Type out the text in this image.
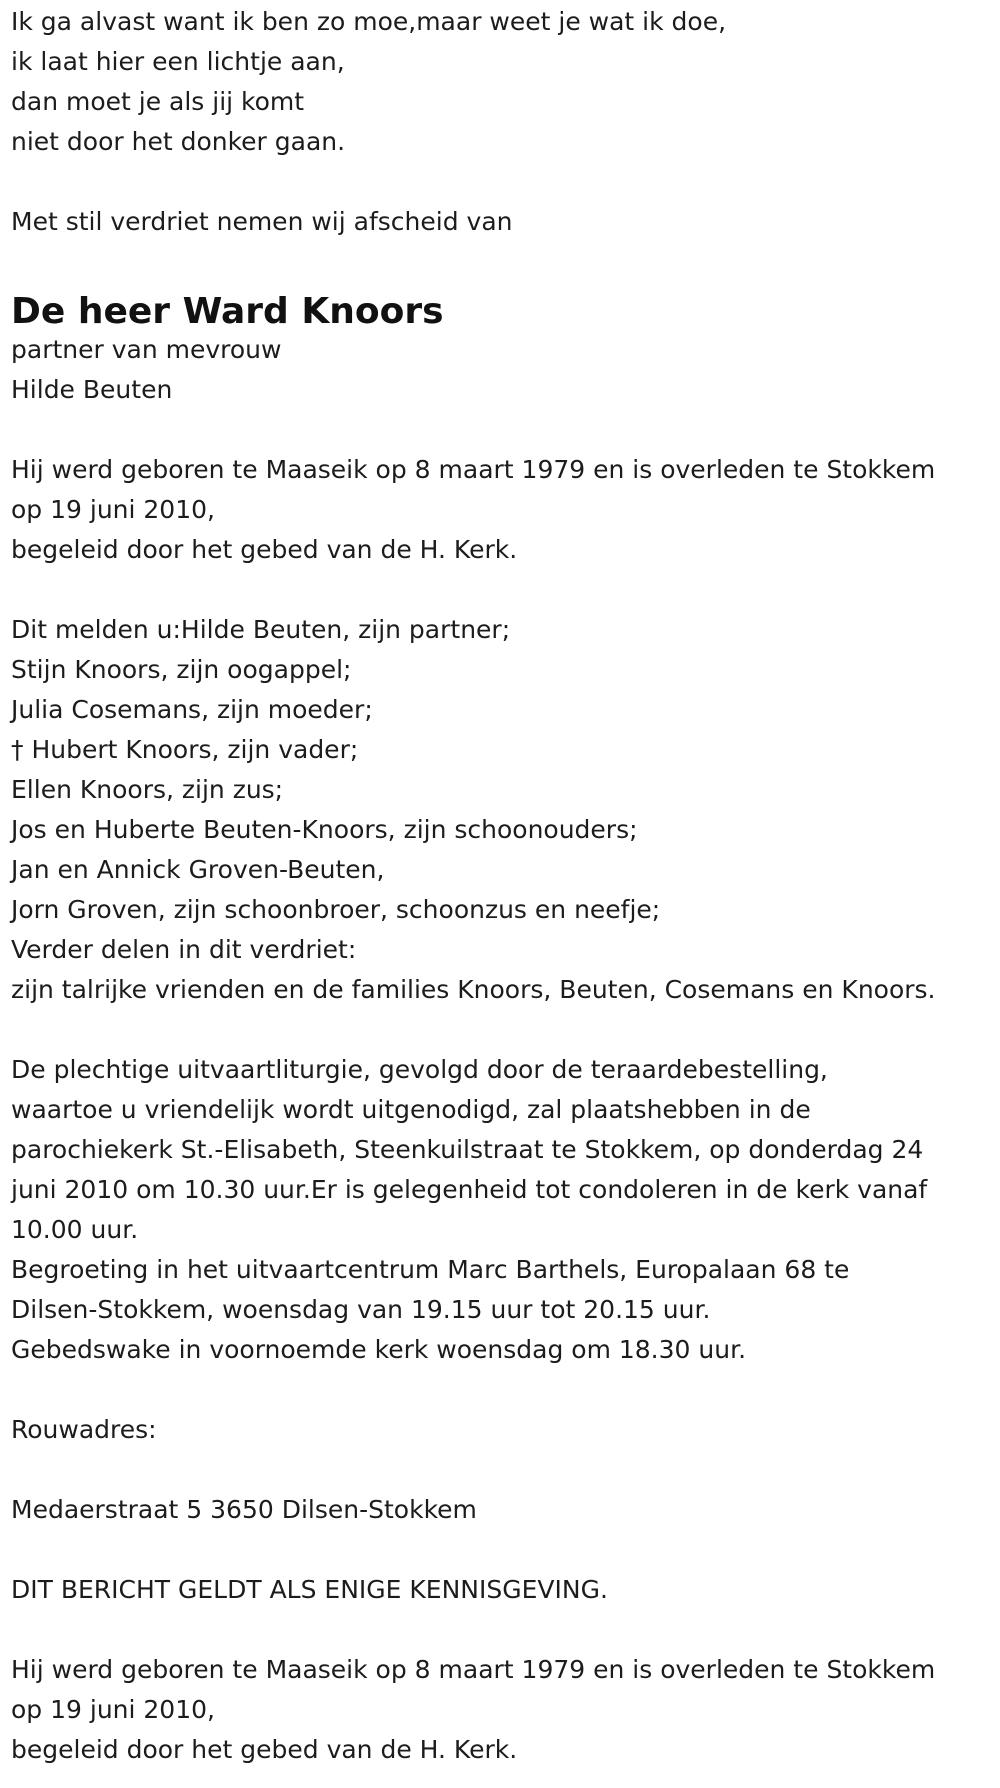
Ik ga alvast want ik ben zo moe,maar weet je wat ik doe,
ik laat hier een lichtje aan,
dan moet je als jij komt
niet door het donker gaan.
Met stil verdriet nemen wij afscheid van
De heer Ward Knoors
partner van mevrouw
Hilde Beuten
Hij werd geboren te Maaseik op 8 maart 1979 en is overleden te Stokkem
op 19 juni 2010,
begeleid door het gebed van de H. Kerk.
Dit melden u:Hilde Beuten, zijn partner;
Stijn Knoors, zijn oogappel;
Julia Cosemans, zijn moeder;
† Hubert Knoors, zijn vader;
Ellen Knoors, zijn zus;
Jos en Huberte Beuten-Knoors, zijn schoonouders;
Jan en Annick Groven-Beuten,
Jorn Groven, zijn schoonbroer, schoonzus en neefje;
Verder delen in dit verdriet:
zijn talrijke vrienden en de families Knoors, Beuten, Cosemans en Knoors.
De plechtige uitvaartliturgie, gevolgd door de teraardebestelling,
waartoe u vriendelijk wordt uitgenodigd, zal plaatshebben in de
parochiekerk St.-Elisabeth, Steenkuilstraat te Stokkem, op donderdag 24
juni 2010 om 10.30 uur.Er is gelegenheid tot condoleren in de kerk vanaf
10.00 uur.
Begroeting in het uitvaartcentrum Marc Barthels, Europalaan 68 te
Dilsen-Stokkem, woensdag van 19.15 uur tot 20.15 uur.
Gebedswake in voornoemde kerk woensdag om 18.30 uur.
Rouwadres:
Medaerstraat 5 3650 Dilsen-Stokkem
DIT BERICHT GELDT ALS ENIGE KENNISGEVING.
Hij werd geboren te Maaseik op 8 maart 1979 en is overleden te Stokkem
op 19 juni 2010,
begeleid door het gebed van de H. Kerk.
